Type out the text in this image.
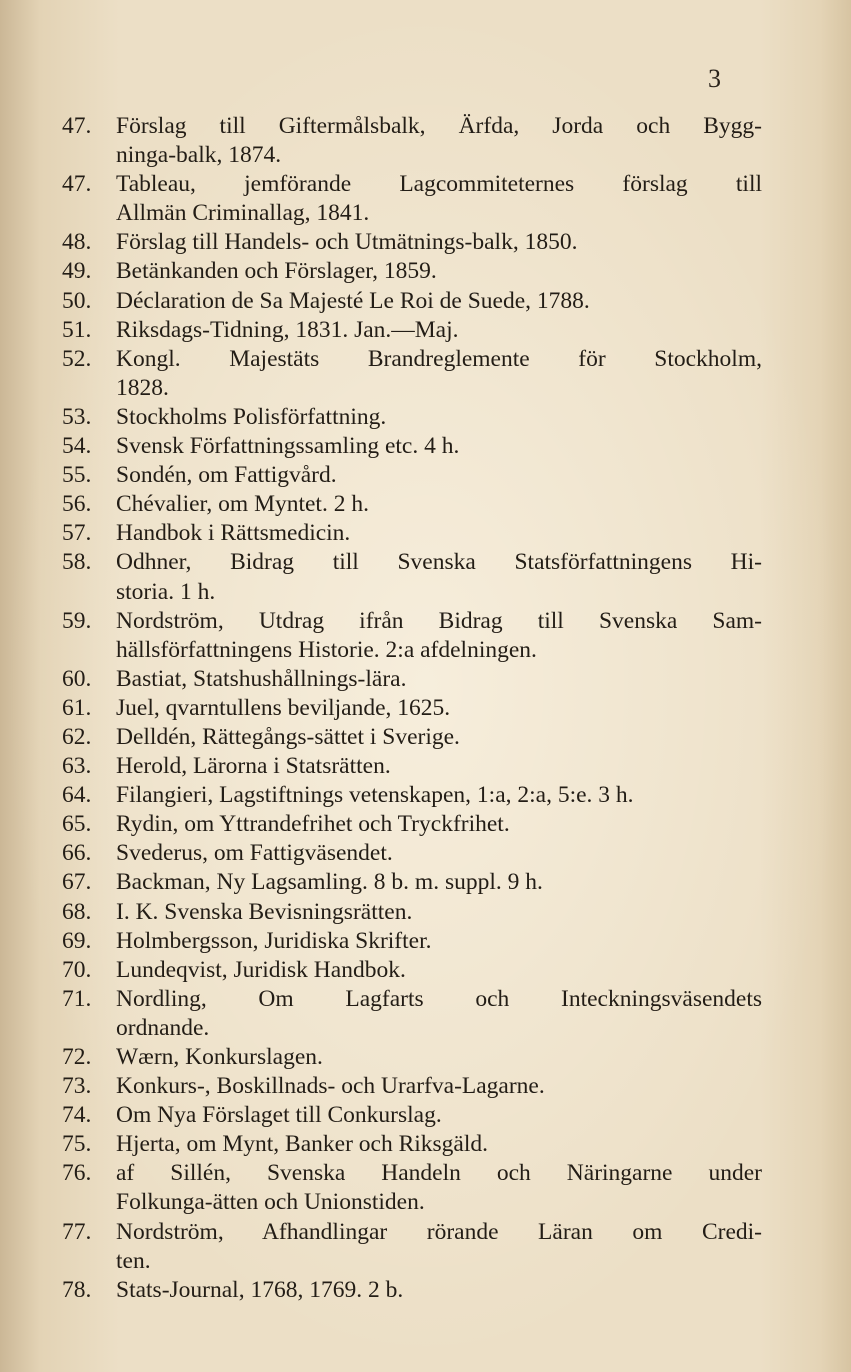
3
47.	Förslag till Giftermålsbalk, Ärfda, Jorda och Bygg-
ninga-balk, 1874.
47.	Tableau, jemförande Lagcommiteternes förslag till
Allmän Criminallag, 1841.
48.	Förslag till Handels- och Utmätnings-balk, 1850.
49.	Betänkanden och Förslager, 1859.
50.	Déclaration de Sa Majesté Le Roi de Suede, 1788.
51.	Riksdags-Tidning, 1831. Jan.—Maj.
52.	Kongl. Majestäts Brandreglemente för Stockholm,
1828.
53.	Stockholms Polisförfattning.
54.	Svensk Författningssamling etc. 4 h.
55.	Sondén, om Fattigvård.
56.	Chévalier, om Myntet. 2 h.
57.	Handbok i Rättsmedicin.
58.	Odhner, Bidrag till Svenska Statsförfattningens Hi-
storia. 1 h.
59.	Nordström, Utdrag ifrån Bidrag till Svenska Sam-
hällsförfattningens Historie. 2:a afdelningen.
60.	Bastiat, Statshushållnings-lära.
61.	Juel, qvarntullens beviljande, 1625.
62.	Delldén, Rättegångs-sättet i Sverige.
63.	Herold, Lärorna i Statsrätten.
64.	Filangieri, Lagstiftnings vetenskapen, 1:a, 2:a, 5:e. 3 h.
65.	Rydin, om Yttrandefrihet och Tryckfrihet.
66.	Svederus, om Fattigväsendet.
67.	Backman, Ny Lagsamling. 8 b. m. suppl. 9 h.
68.	I. K. Svenska Bevisningsrätten.
69.	Holmbergsson, Juridiska Skrifter.
70.	Lundeqvist, Juridisk Handbok.
71.	Nordling, Om Lagfarts och Inteckningsväsendets
ordnande.
72.	Wærn, Konkurslagen.
73.	Konkurs-, Boskillnads- och Urarfva-Lagarne.
74.	Om Nya Förslaget till Conkurslag.
75.	Hjerta, om Mynt, Banker och Riksgäld.
76.	af Sillén, Svenska Handeln och Näringarne under
Folkunga-ätten och Unionstiden.
77.	Nordström, Afhandlingar rörande Läran om Credi-
ten.
78.	Stats-Journal, 1768, 1769. 2 b.
